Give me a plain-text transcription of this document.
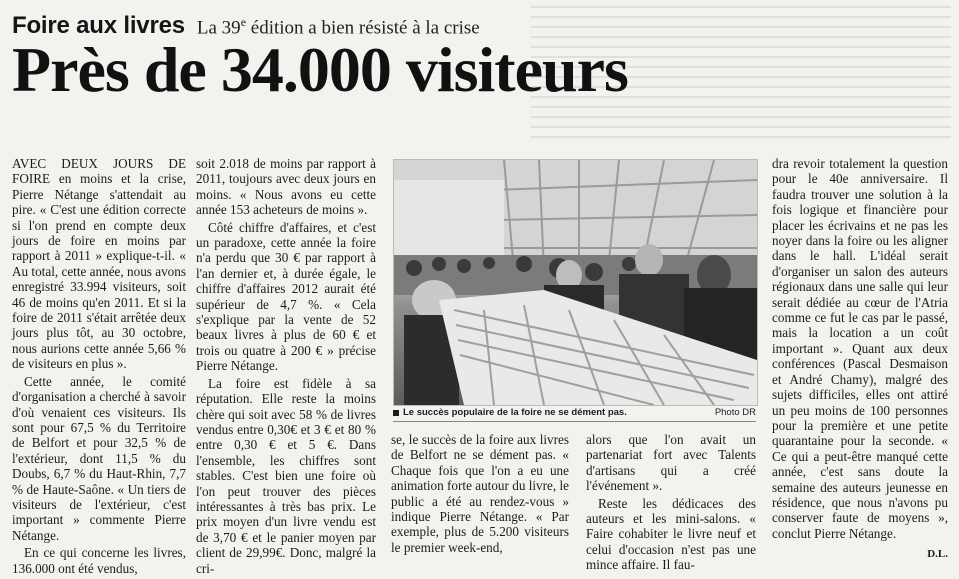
Foire aux livres La 39e édition a bien résisté à la crise
Près de 34.000 visiteurs

AVEC DEUX JOURS DE FOIRE en moins et la crise, Pierre Nétange s'attendait au pire. « C'est une édition correcte si l'on prend en compte deux jours de foire en moins par rapport à 2011 » explique-t-il. « Au total, cette année, nous avons enregistré 33.994 visiteurs, soit 46 de moins qu'en 2011. Et si la foire de 2011 s'était arrêtée deux jours plus tôt, au 30 octobre, nous aurions cette année 5,66 % de visiteurs en plus ».

Cette année, le comité d'organisation a cherché à savoir d'où venaient ces visiteurs. Ils sont pour 67,5 % du Territoire de Belfort et pour 32,5 % de l'extérieur, dont 11,5 % du Doubs, 6,7 % du Haut-Rhin, 7,7 % de Haute-Saône. « Un tiers de visiteurs de l'extérieur, c'est important » commente Pierre Nétange.

En ce qui concerne les livres, 136.000 ont été vendus,

soit 2.018 de moins par rapport à 2011, toujours avec deux jours en moins. « Nous avons eu cette année 153 acheteurs de moins ».

Côté chiffre d'affaires, et c'est un paradoxe, cette année la foire n'a perdu que 30 € par rapport à l'an dernier et, à durée égale, le chiffre d'affaires 2012 aurait été supérieur de 4,7 %. « Cela s'explique par la vente de 52 beaux livres à plus de 60 € et trois ou quatre à 200 € » précise Pierre Nétange.

La foire est fidèle à sa réputation. Elle reste la moins chère qui soit avec 58 % de livres vendus entre 0,30€ et 3 € et 80 % entre 0,30 € et 5 €. Dans l'ensemble, les chiffres sont stables. C'est bien une foire où l'on peut trouver des pièces intéressantes à très bas prix. Le prix moyen d'un livre vendu est de 3,70 € et le panier moyen par client de 29,99€. Donc, malgré la cri-

Le succès populaire de la foire ne se dément pas.	Photo DR

se, le succès de la foire aux livres de Belfort ne se dément pas. « Chaque fois que l'on a eu une animation forte autour du livre, le public a été au rendez-vous » indique Pierre Nétange. « Par exemple, plus de 5.200 visiteurs le premier week-end,

alors que l'on avait un partenariat fort avec Talents d'artisans qui a créé l'événement ».

Reste les dédicaces des auteurs et les mini-salons. « Faire cohabiter le livre neuf et celui d'occasion n'est pas une mince affaire. Il fau-

dra revoir totalement la question pour le 40e anniversaire. Il faudra trouver une solution à la fois logique et financière pour placer les écrivains et ne pas les noyer dans la foire ou les aligner dans le hall. L'idéal serait d'organiser un salon des auteurs régionaux dans une salle qui leur serait dédiée au cœur de l'Atria comme ce fut le cas par le passé, mais la location a un coût important ». Quant aux deux conférences (Pascal Desmaison et André Chamy), malgré des sujets difficiles, elles ont attiré un peu moins de 100 personnes pour la première et une petite quarantaine pour la seconde. « Ce qui a peut-être manqué cette année, c'est sans doute la semaine des auteurs jeunesse en résidence, que nous n'avons pu conserver faute de moyens », conclut Pierre Nétange.

D.L.
